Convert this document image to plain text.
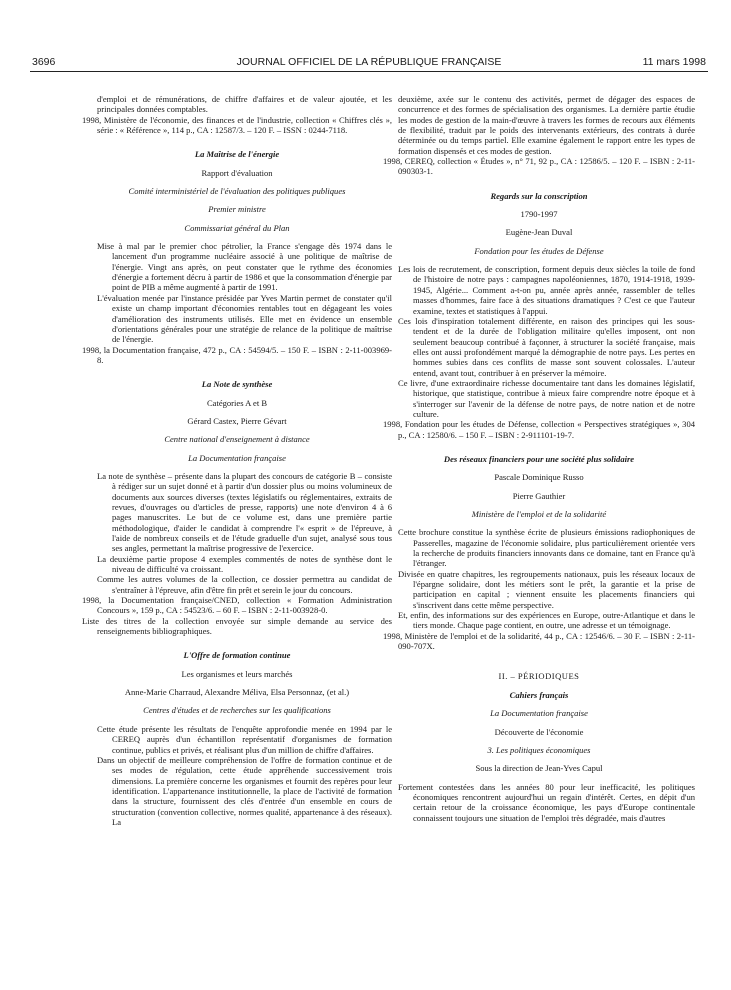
3696	JOURNAL OFFICIEL DE LA RÉPUBLIQUE FRANÇAISE	11 mars 1998

d'emploi et de rémunérations, de chiffre d'affaires et de valeur ajoutée, et les principales données comptables.

1998, Ministère de l'économie, des finances et de l'industrie, collection « Chiffres clés », série : « Référence », 114 p., CA : 12587/3. – 120 F. – ISSN : 0244-7118.

La Maîtrise de l'énergie

Rapport d'évaluation

Comité interministériel de l'évaluation des politiques publiques

Premier ministre

Commissariat général du Plan

Mise à mal par le premier choc pétrolier, la France s'engage dès 1974 dans le lancement d'un programme nucléaire associé à une politique de maîtrise de l'énergie. Vingt ans après, on peut constater que le rythme des économies d'énergie a fortement décru à partir de 1986 et que la consommation d'énergie par point de PIB a même augmenté à partir de 1991.

L'évaluation menée par l'instance présidée par Yves Martin permet de constater qu'il existe un champ important d'économies rentables tout en dégageant les voies d'amélioration des instruments utilisés. Elle met en évidence un ensemble d'orientations générales pour une stratégie de relance de la politique de maîtrise de l'énergie.

1998, la Documentation française, 472 p., CA : 54594/5. – 150 F. – ISBN : 2-11-003969-8.

La Note de synthèse

Catégories A et B

Gérard Castex, Pierre Gévart

Centre national d'enseignement à distance

La Documentation française

La note de synthèse – présente dans la plupart des concours de catégorie B – consiste à rédiger sur un sujet donné et à partir d'un dossier plus ou moins volumineux de documents aux sources diverses (textes législatifs ou réglementaires, extraits de revues, d'ouvrages ou d'articles de presse, rapports) une note d'environ 4 à 6 pages manuscrites. Le but de ce volume est, dans une première partie méthodologique, d'aider le candidat à comprendre l'« esprit » de l'épreuve, à l'aide de nombreux conseils et de l'étude graduelle d'un sujet, analysé sous tous ses angles, permettant la maîtrise progressive de l'exercice.

La deuxième partie propose 4 exemples commentés de notes de synthèse dont le niveau de difficulté va croissant.

Comme les autres volumes de la collection, ce dossier permettra au candidat de s'entraîner à l'épreuve, afin d'être fin prêt et serein le jour du concours.

1998, la Documentation française/CNED, collection « Formation Administration Concours », 159 p., CA : 54523/6. – 60 F. – ISBN : 2-11-003928-0.

Liste des titres de la collection envoyée sur simple demande au service des renseignements bibliographiques.

L'Offre de formation continue

Les organismes et leurs marchés

Anne-Marie Charraud, Alexandre Méliva, Elsa Personnaz, (et al.)

Centres d'études et de recherches sur les qualifications

Cette étude présente les résultats de l'enquête approfondie menée en 1994 par le CEREQ auprès d'un échantillon représentatif d'organismes de formation continue, publics et privés, et réalisant plus d'un million de chiffre d'affaires.

Dans un objectif de meilleure compréhension de l'offre de formation continue et de ses modes de régulation, cette étude appréhende successivement trois dimensions. La première concerne les organismes et fournit des repères pour leur identification. L'appartenance institutionnelle, la place de l'activité de formation dans la structure, fournissent des clés d'entrée d'un ensemble en cours de structuration (convention collective, normes qualité, appartenance à des réseaux). La

deuxième, axée sur le contenu des activités, permet de dégager des espaces de concurrence et des formes de spécialisation des organismes. La dernière partie étudie les modes de gestion de la main-d'œuvre à travers les formes de recours aux éléments de flexibilité, traduit par le poids des intervenants extérieurs, des contrats à durée déterminée ou du temps partiel. Elle examine également le rapport entre les types de formation dispensés et ces modes de gestion.

1998, CEREQ, collection « Études », n° 71, 92 p., CA : 12586/5. – 120 F. – ISBN : 2-11-090303-1.

Regards sur la conscription

1790-1997

Eugène-Jean Duval

Fondation pour les études de Défense

Les lois de recrutement, de conscription, forment depuis deux siècles la toile de fond de l'histoire de notre pays : campagnes napoléoniennes, 1870, 1914-1918, 1939-1945, Algérie... Comment a-t-on pu, année après année, rassembler de telles masses d'hommes, faire face à des situations dramatiques ? C'est ce que l'auteur examine, textes et statistiques à l'appui.

Ces lois d'inspiration totalement différente, en raison des principes qui les sous-tendent et de la durée de l'obligation militaire qu'elles imposent, ont non seulement beaucoup contribué à façonner, à structurer la société française, mais elles ont aussi profondément marqué la démographie de notre pays. Les pertes en hommes subies dans ces conflits de masse sont souvent colossales. L'auteur entend, avant tout, contribuer à en préserver la mémoire.

Ce livre, d'une extraordinaire richesse documentaire tant dans les domaines législatif, historique, que statistique, contribue à mieux faire comprendre notre époque et à s'interroger sur l'avenir de la défense de notre pays, de notre nation et de notre culture.

1998, Fondation pour les études de Défense, collection « Perspectives stratégiques », 304 p., CA : 12580/6. – 150 F. – ISBN : 2-911101-19-7.

Des réseaux financiers pour une société plus solidaire

Pascale Dominique Russo

Pierre Gauthier

Ministère de l'emploi et de la solidarité

Cette brochure constitue la synthèse écrite de plusieurs émissions radiophoniques de Passerelles, magazine de l'économie solidaire, plus particulièrement orientée vers la recherche de produits financiers innovants dans ce domaine, tant en France qu'à l'étranger.

Divisée en quatre chapitres, les regroupements nationaux, puis les réseaux locaux de l'épargne solidaire, dont les métiers sont le prêt, la garantie et la prise de participation en capital ; viennent ensuite les placements financiers qui s'inscrivent dans cette même perspective.

Et, enfin, des informations sur des expériences en Europe, outre-Atlantique et dans le tiers monde. Chaque page contient, en outre, une adresse et un témoignage.

1998, Ministère de l'emploi et de la solidarité, 44 p., CA : 12546/6. – 30 F. – ISBN : 2-11-090-707X.

II. – PÉRIODIQUES

Cahiers français

La Documentation française

Découverte de l'économie

3. Les politiques économiques

Sous la direction de Jean-Yves Capul

Fortement contestées dans les années 80 pour leur inefficacité, les politiques économiques rencontrent aujourd'hui un regain d'intérêt. Certes, en dépit d'un certain retour de la croissance économique, les pays d'Europe continentale connaissent toujours une situation de l'emploi très dégradée, mais d'autres
